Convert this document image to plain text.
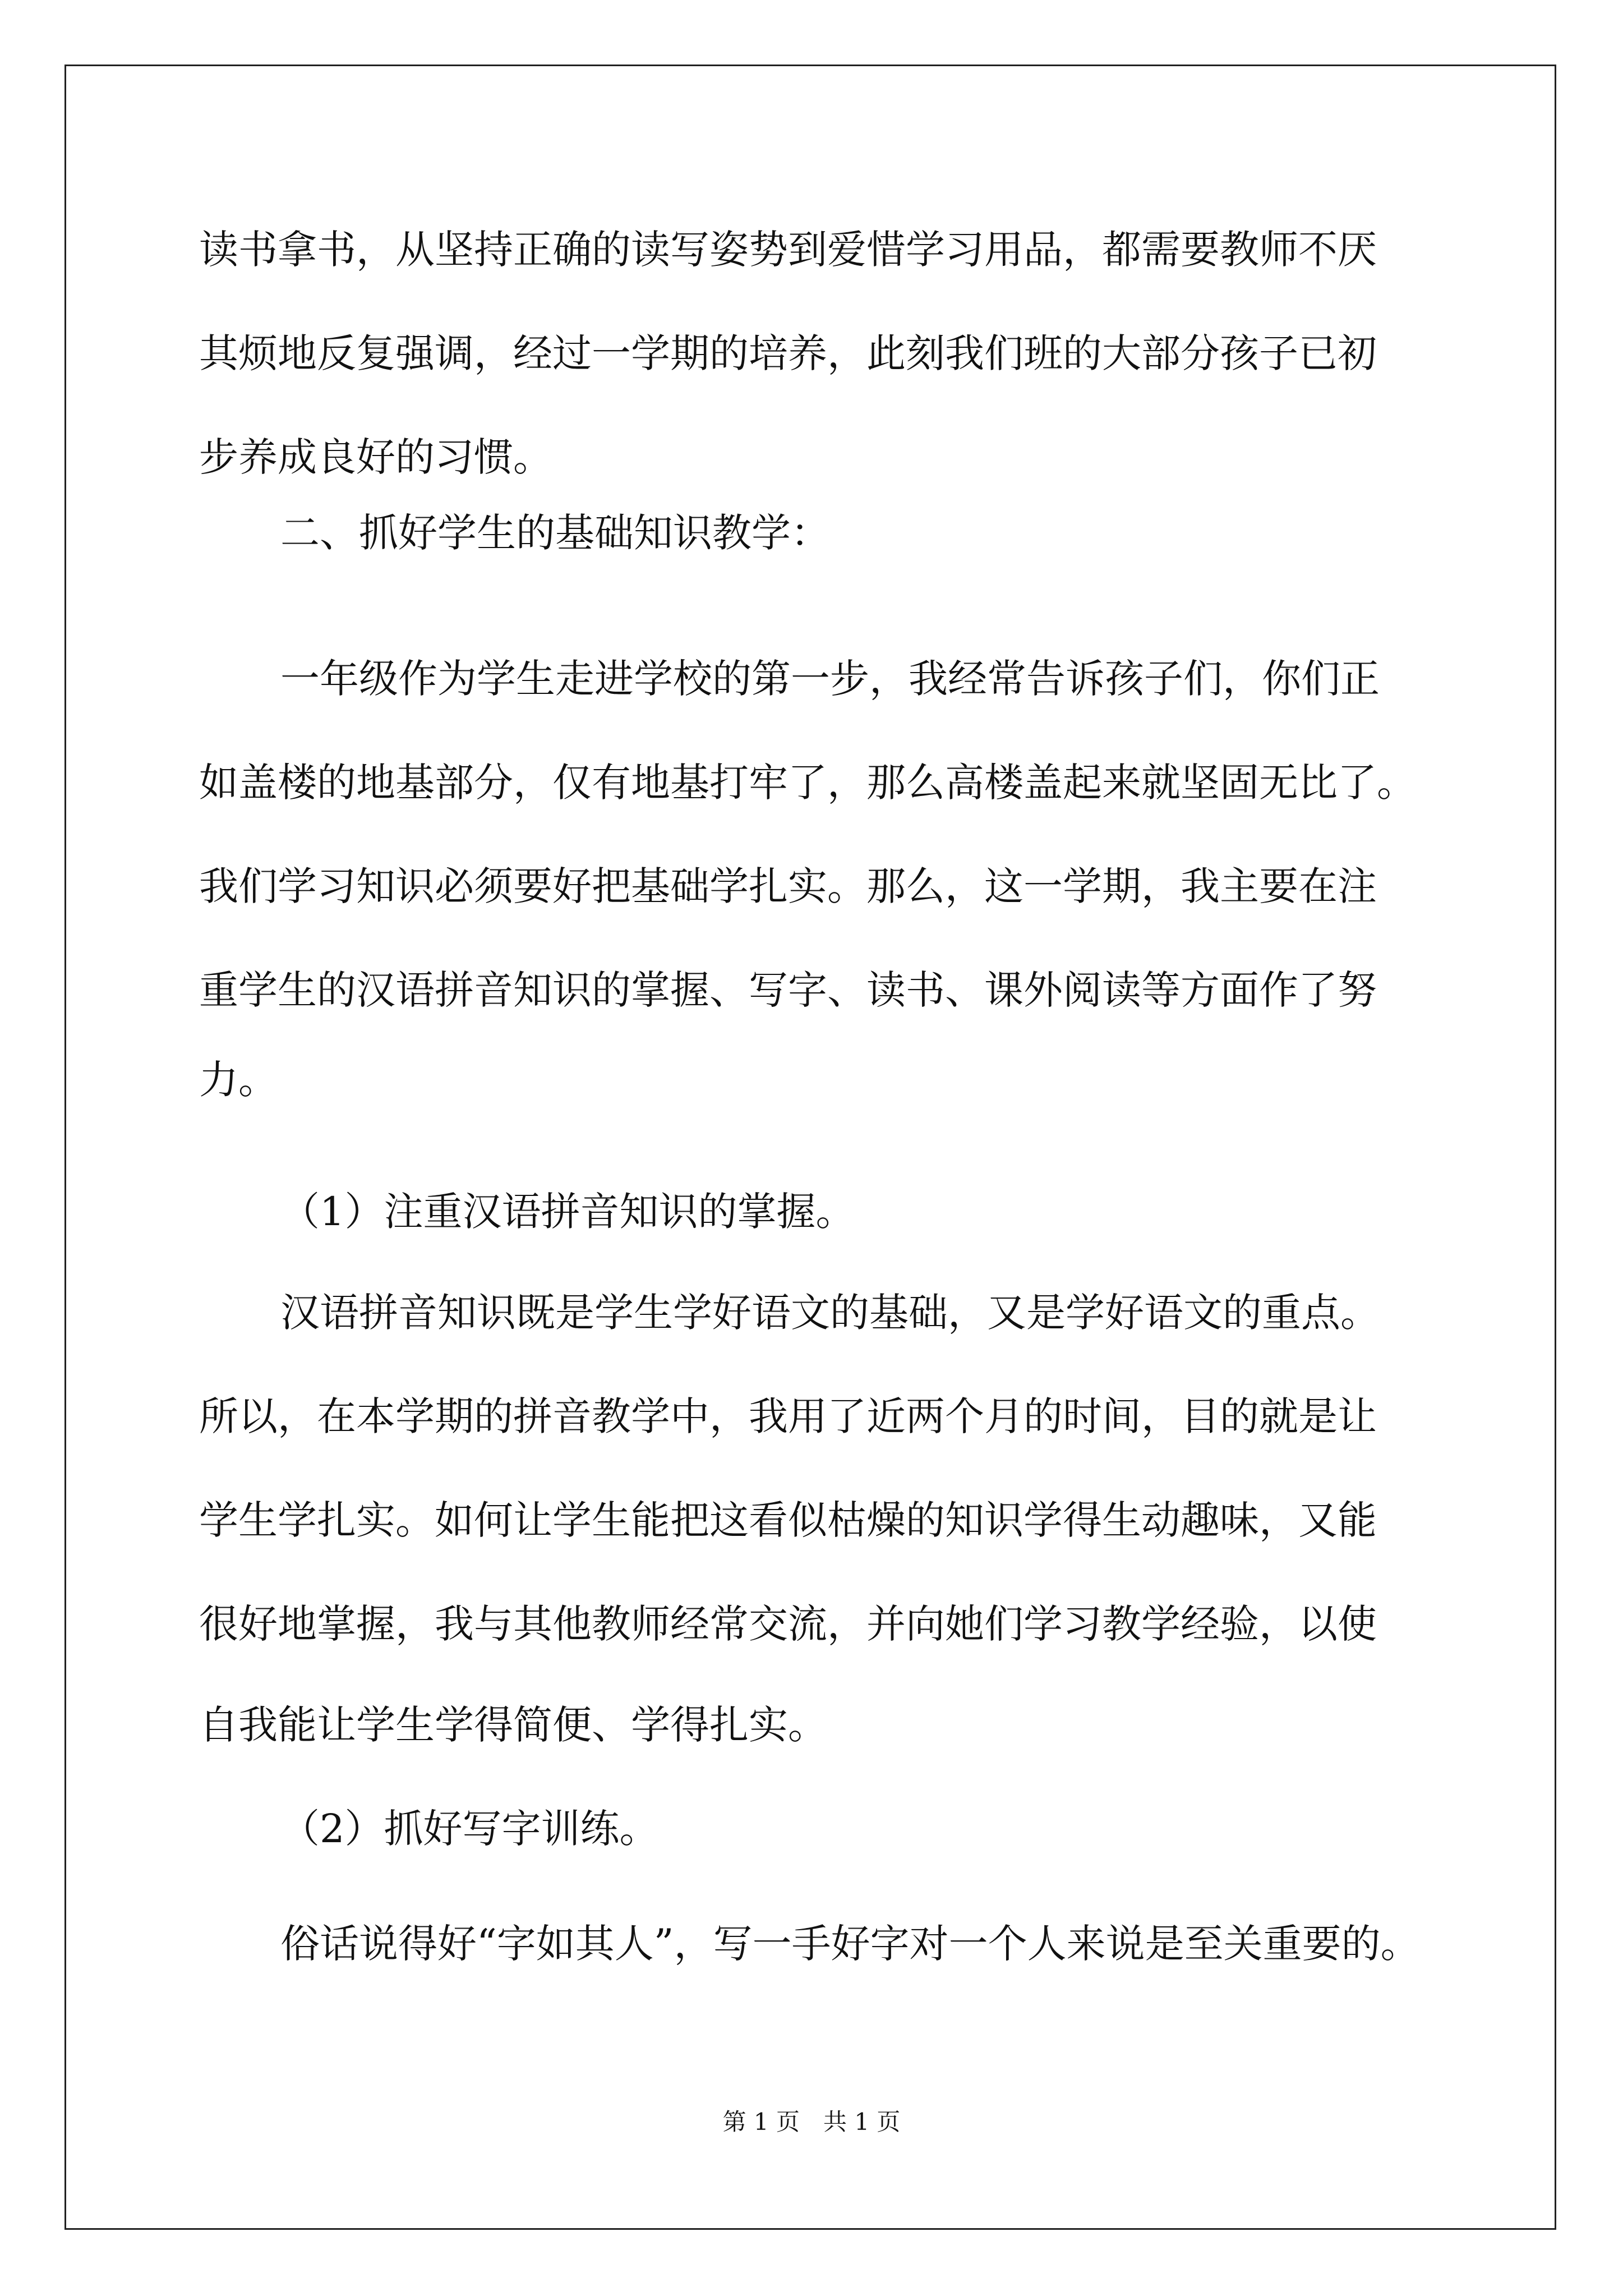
读书拿书，从坚持正确的读写姿势到爱惜学习用品，都需要教师不厌

其烦地反复强调，经过一学期的培养，此刻我们班的大部分孩子已初

步养成良好的习惯。

二、抓好学生的基础知识教学：

一年级作为学生走进学校的第一步，我经常告诉孩子们，你们正

如盖楼的地基部分，仅有地基打牢了，那么高楼盖起来就坚固无比了。

我们学习知识必须要好把基础学扎实。那么，这一学期，我主要在注

重学生的汉语拼音知识的掌握、写字、读书、课外阅读等方面作了努

力。

（1）注重汉语拼音知识的掌握。

汉语拼音知识既是学生学好语文的基础，又是学好语文的重点。

所以，在本学期的拼音教学中，我用了近两个月的时间，目的就是让

学生学扎实。如何让学生能把这看似枯燥的知识学得生动趣味，又能

很好地掌握，我与其他教师经常交流，并向她们学习教学经验，以使

自我能让学生学得简便、学得扎实。

（2）抓好写字训练。

俗话说得好“字如其人”，写一手好字对一个人来说是至关重要的。

第 1 页　共 1 页
